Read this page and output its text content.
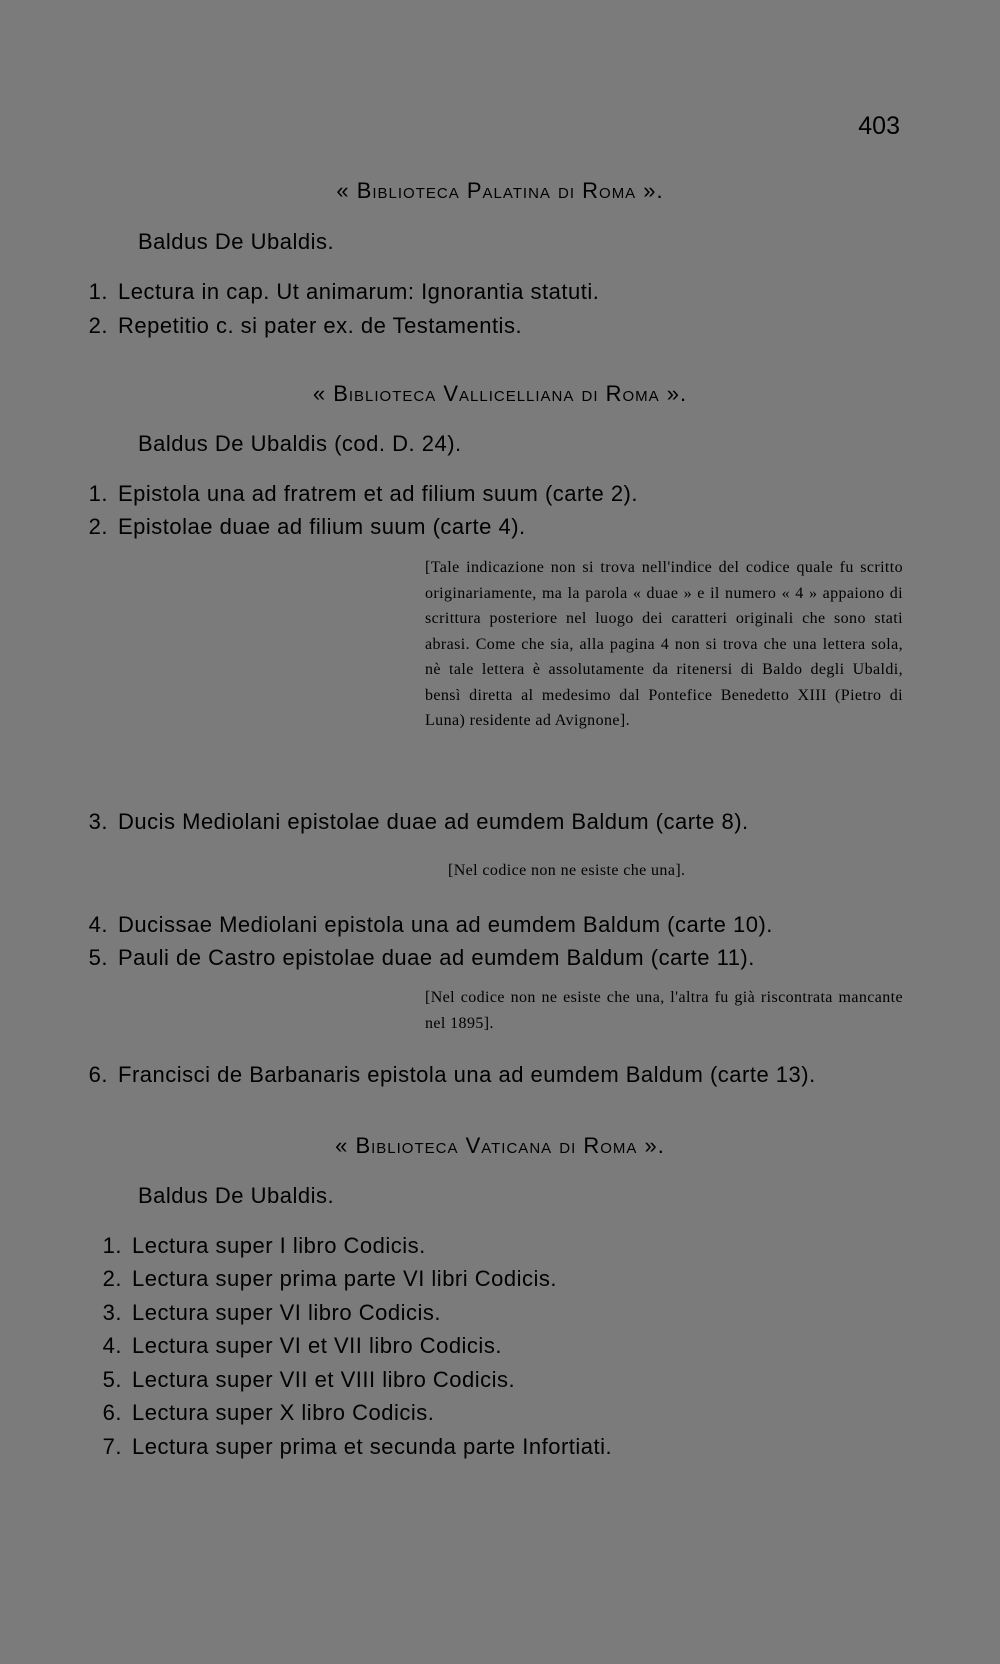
403
« Biblioteca Palatina di Roma ».
Baldus De Ubaldis.
1. Lectura in cap. Ut animarum: Ignorantia statuti.
2. Repetitio c. si pater ex. de Testamentis.
« Biblioteca Vallicelliana di Roma ».
Baldus De Ubaldis (cod. D. 24).
1. Epistola una ad fratrem et ad filium suum (carte 2).
2. Epistolae duae ad filium suum (carte 4).
[Tale indicazione non si trova nell'indice del codice quale fu scritto originariamente, ma la parola « duae » e il numero « 4 » appaiono di scrittura posteriore nel luogo dei caratteri originali che sono stati abrasi. Come che sia, alla pagina 4 non si trova che una lettera sola, nè tale lettera è assolutamente da ritenersi di Baldo degli Ubaldi, bensì diretta al medesimo dal Pontefice Benedetto XIII (Pietro di Luna) residente ad Avignone].
3. Ducis Mediolani epistolae duae ad eumdem Baldum (carte 8).
[Nel codice non ne esiste che una].
4. Ducissae Mediolani epistola una ad eumdem Baldum (carte 10).
5. Pauli de Castro epistolae duae ad eumdem Baldum (carte 11).
[Nel codice non ne esiste che una, l'altra fu già riscontrata mancante nel 1895].
6. Francisci de Barbanaris epistola una ad eumdem Baldum (carte 13).
« Biblioteca Vaticana di Roma ».
Baldus De Ubaldis.
1. Lectura super I libro Codicis.
2. Lectura super prima parte VI libri Codicis.
3. Lectura super VI libro Codicis.
4. Lectura super VI et VII libro Codicis.
5. Lectura super VII et VIII libro Codicis.
6. Lectura super X libro Codicis.
7. Lectura super prima et secunda parte Infortiati.
